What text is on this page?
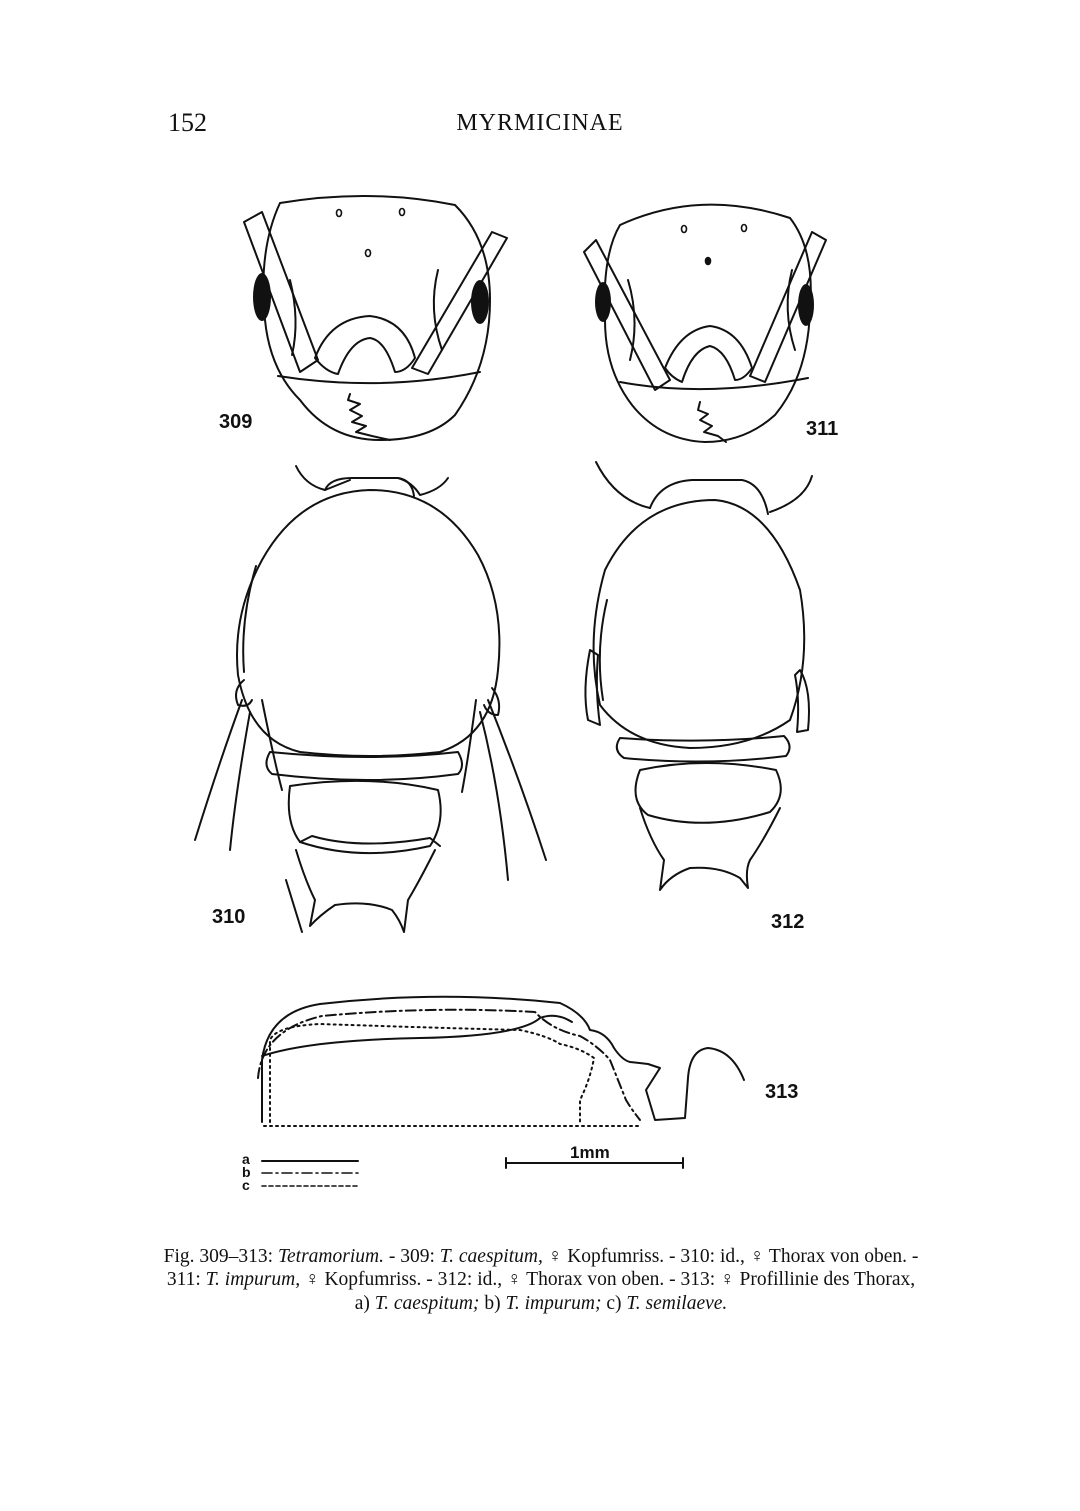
152	MYRMICINAE
309	311
310	312
313
a
b
c
1mm
Fig. 309–313: Tetramorium. - 309: T. caespitum, ♀ Kopfumriss. - 310: id., ♀ Thorax von oben. - 311: T. impurum, ♀ Kopfumriss. - 312: id., ♀ Thorax von oben. - 313: ♀ Profillinie des Thorax, a) T. caespitum; b) T. impurum; c) T. semilaeve.
